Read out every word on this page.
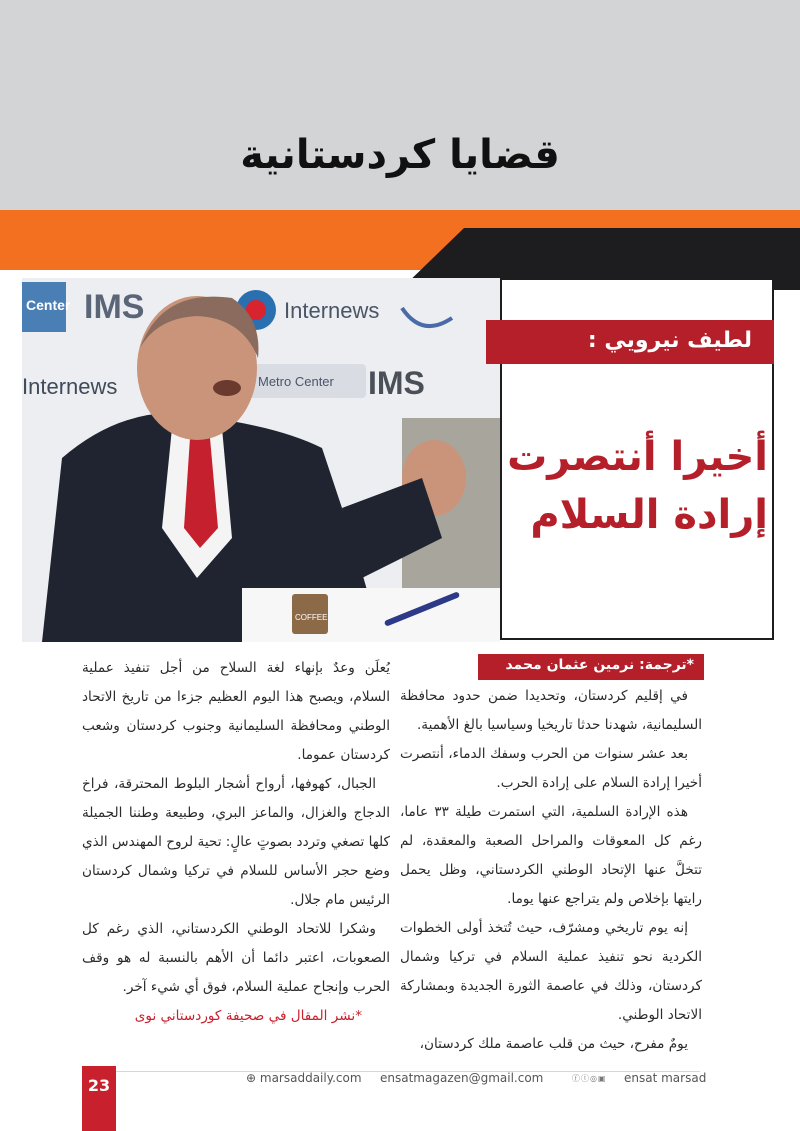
قضايا كردستانية
Center IMS	Internews
Internews	Metro Center IMS
COFFEE
لطيف نيرويي :
أخيرا أنتصرت
إرادة السلام
*ترجمة: نرمين عثمان محمد

في إقليم كردستان، وتحديدا ضمن حدود محافظة السليمانية، شهدنا حدثا تاريخيا وسياسيا بالغ الأهمية.

بعد عشر سنوات من الحرب وسفك الدماء، أنتصرت أخيرا إرادة السلام على إرادة الحرب.

هذه الإرادة السلمية، التي استمرت طيلة ٣٣ عاما، رغم كل المعوقات والمراحل الصعبة والمعقدة، لم تتخلَّ عنها الإتحاد الوطني الكردستاني، وظل يحمل رايتها بإخلاص ولم يتراجع عنها يوما.

إنه يوم تاريخي ومشرّف، حيث تُتخذ أولى الخطوات الكردية نحو تنفيذ عملية السلام في تركيا وشمال كردستان، وذلك في عاصمة الثورة الجديدة وبمشاركة الاتحاد الوطني.

يومٌ مفرح، حيث من قلب عاصمة ملك كردستان،

يُعلَن وعدٌ بإنهاء لغة السلاح من أجل تنفيذ عملية السلام، ويصبح هذا اليوم العظيم جزءا من تاريخ الاتحاد الوطني ومحافظة السليمانية وجنوب كردستان وشعب كردستان عموما.

الجبال، كهوفها، أرواح أشجار البلوط المحترقة، فراخ الدجاج والغزال، والماعز البري، وطبيعة وطننا الجميلة كلها تصغي وتردد بصوتٍ عالٍ: تحية لروح المهندس الذي وضع حجر الأساس للسلام في تركيا وشمال كردستان الرئيس مام جلال.

وشكرا للاتحاد الوطني الكردستاني، الذي رغم كل الصعوبات، اعتبر دائما أن الأهم بالنسبة له هو وقف الحرب وإنجاح عملية السلام، فوق أي شيء آخر.

*نشر المقال في صحيفة كوردستاني نوى

23	⊕ marsaddaily.com ensatmagazen@gmail.com	ⓕⓣ◎▣ ensat marsad
